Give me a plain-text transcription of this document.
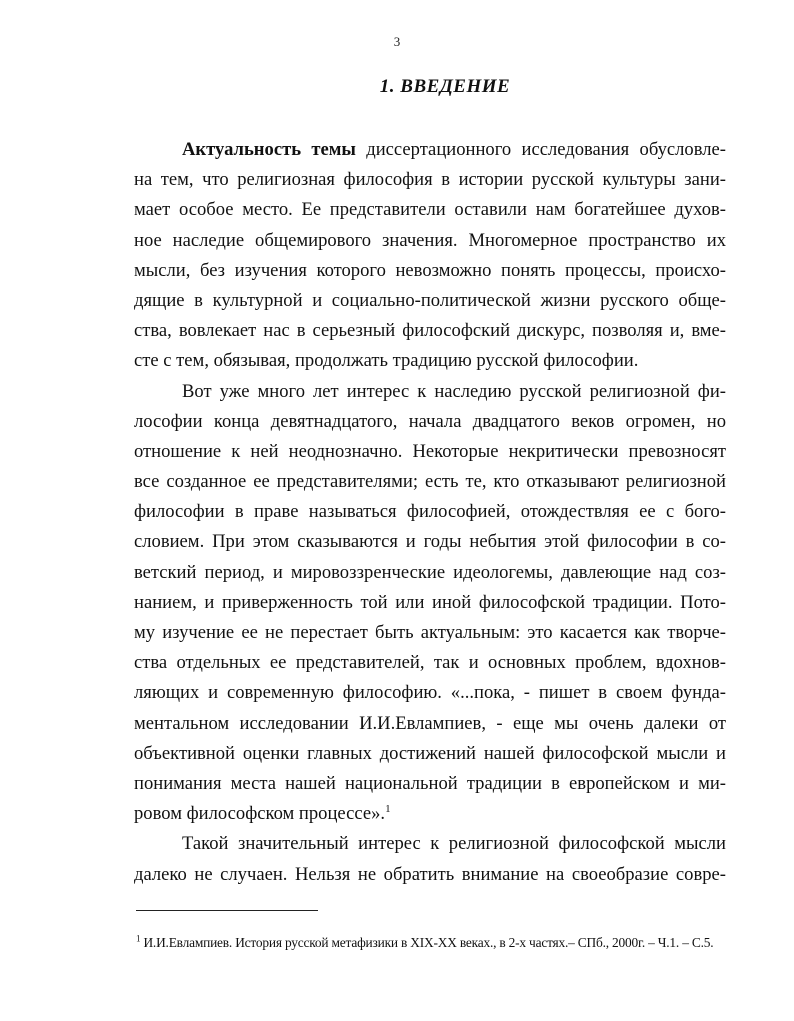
3
1. ВВЕДЕНИЕ
Актуальность темы диссертационного исследования обусловле-
на тем, что религиозная философия в истории русской культуры зани-
мает особое место. Ее представители оставили нам богатейшее духов-
ное наследие общемирового значения. Многомерное пространство их
мысли, без изучения которого невозможно понять процессы, происхо-
дящие в культурной и социально-политической жизни русского обще-
ства, вовлекает нас в серьезный философский дискурс, позволяя и, вме-
сте с тем, обязывая, продолжать традицию русской философии.
Вот уже много лет интерес к наследию русской религиозной фи-
лософии конца девятнадцатого, начала двадцатого веков огромен, но
отношение к ней неоднозначно. Некоторые некритически превозносят
все созданное ее представителями; есть те, кто отказывают религиозной
философии в праве называться философией, отождествляя ее с бого-
словием. При этом сказываются и годы небытия этой философии в со-
ветский период, и мировоззренческие идеологемы, давлеющие над соз-
нанием, и приверженность той или иной философской традиции. Пото-
му изучение ее не перестает быть актуальным: это касается как творче-
ства отдельных ее представителей, так и основных проблем, вдохнов-
ляющих и современную философию. «...пока, - пишет в своем фунда-
ментальном исследовании И.И.Евлампиев, - еще мы очень далеки от
объективной оценки главных достижений нашей философской мысли и
понимания места нашей национальной традиции в европейском и ми-
ровом философском процессе».$^1$
Такой значительный интерес к религиозной философской мысли
далеко не случаен. Нельзя не обратить внимание на своеобразие совре-
$^1$ И.И.Евлампиев. История русской метафизики в XIX-XX веках., в 2-х частях.– СПб., 2000г. – Ч.1. – С.5.
